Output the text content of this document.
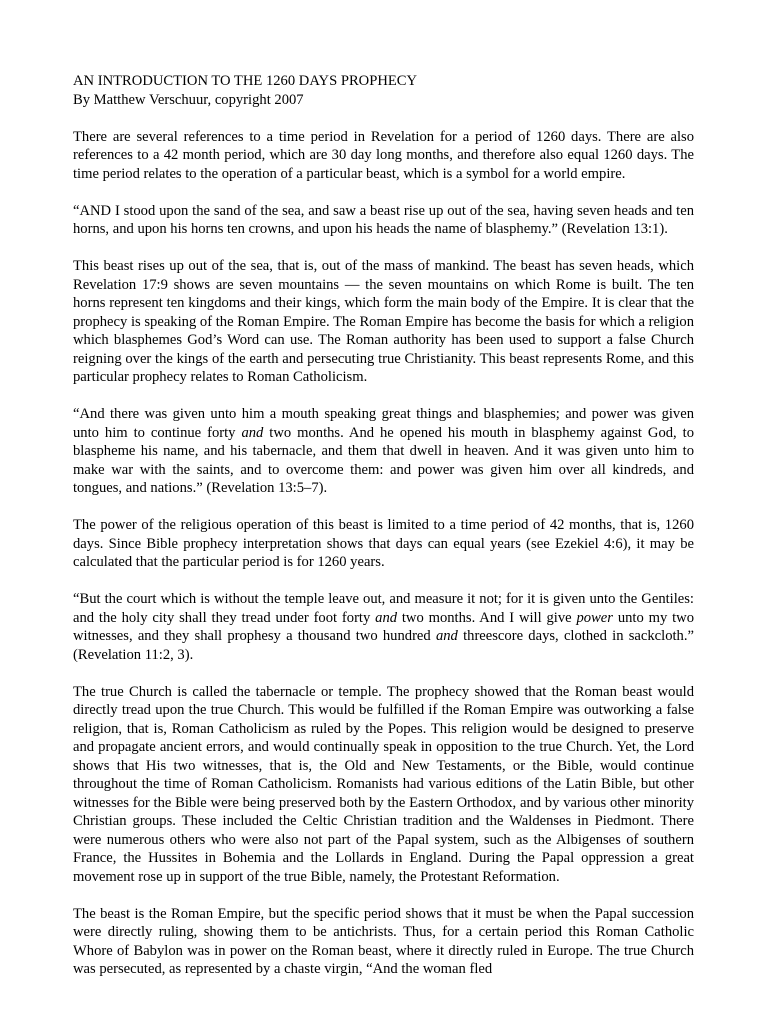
AN INTRODUCTION TO THE 1260 DAYS PROPHECY
By Matthew Verschuur, copyright 2007

There are several references to a time period in Revelation for a period of 1260 days. There are also references to a 42 month period, which are 30 day long months, and therefore also equal 1260 days. The time period relates to the operation of a particular beast, which is a symbol for a world empire.

“AND I stood upon the sand of the sea, and saw a beast rise up out of the sea, having seven heads and ten horns, and upon his horns ten crowns, and upon his heads the name of blasphemy.” (Revelation 13:1).

This beast rises up out of the sea, that is, out of the mass of mankind. The beast has seven heads, which Revelation 17:9 shows are seven mountains — the seven mountains on which Rome is built. The ten horns represent ten kingdoms and their kings, which form the main body of the Empire. It is clear that the prophecy is speaking of the Roman Empire. The Roman Empire has become the basis for which a religion which blasphemes God’s Word can use. The Roman authority has been used to support a false Church reigning over the kings of the earth and persecuting true Christianity. This beast represents Rome, and this particular prophecy relates to Roman Catholicism.

“And there was given unto him a mouth speaking great things and blasphemies; and power was given unto him to continue forty and two months. And he opened his mouth in blasphemy against God, to blaspheme his name, and his tabernacle, and them that dwell in heaven. And it was given unto him to make war with the saints, and to overcome them: and power was given him over all kindreds, and tongues, and nations.” (Revelation 13:5–7).

The power of the religious operation of this beast is limited to a time period of 42 months, that is, 1260 days. Since Bible prophecy interpretation shows that days can equal years (see Ezekiel 4:6), it may be calculated that the particular period is for 1260 years.

“But the court which is without the temple leave out, and measure it not; for it is given unto the Gentiles: and the holy city shall they tread under foot forty and two months. And I will give power unto my two witnesses, and they shall prophesy a thousand two hundred and threescore days, clothed in sackcloth.” (Revelation 11:2, 3).

The true Church is called the tabernacle or temple. The prophecy showed that the Roman beast would directly tread upon the true Church. This would be fulfilled if the Roman Empire was outworking a false religion, that is, Roman Catholicism as ruled by the Popes. This religion would be designed to preserve and propagate ancient errors, and would continually speak in opposition to the true Church. Yet, the Lord shows that His two witnesses, that is, the Old and New Testaments, or the Bible, would continue throughout the time of Roman Catholicism. Romanists had various editions of the Latin Bible, but other witnesses for the Bible were being preserved both by the Eastern Orthodox, and by various other minority Christian groups. These included the Celtic Christian tradition and the Waldenses in Piedmont. There were numerous others who were also not part of the Papal system, such as the Albigenses of southern France, the Hussites in Bohemia and the Lollards in England. During the Papal oppression a great movement rose up in support of the true Bible, namely, the Protestant Reformation.

The beast is the Roman Empire, but the specific period shows that it must be when the Papal succession were directly ruling, showing them to be antichrists. Thus, for a certain period this Roman Catholic Whore of Babylon was in power on the Roman beast, where it directly ruled in Europe. The true Church was persecuted, as represented by a chaste virgin, “And the woman fled
